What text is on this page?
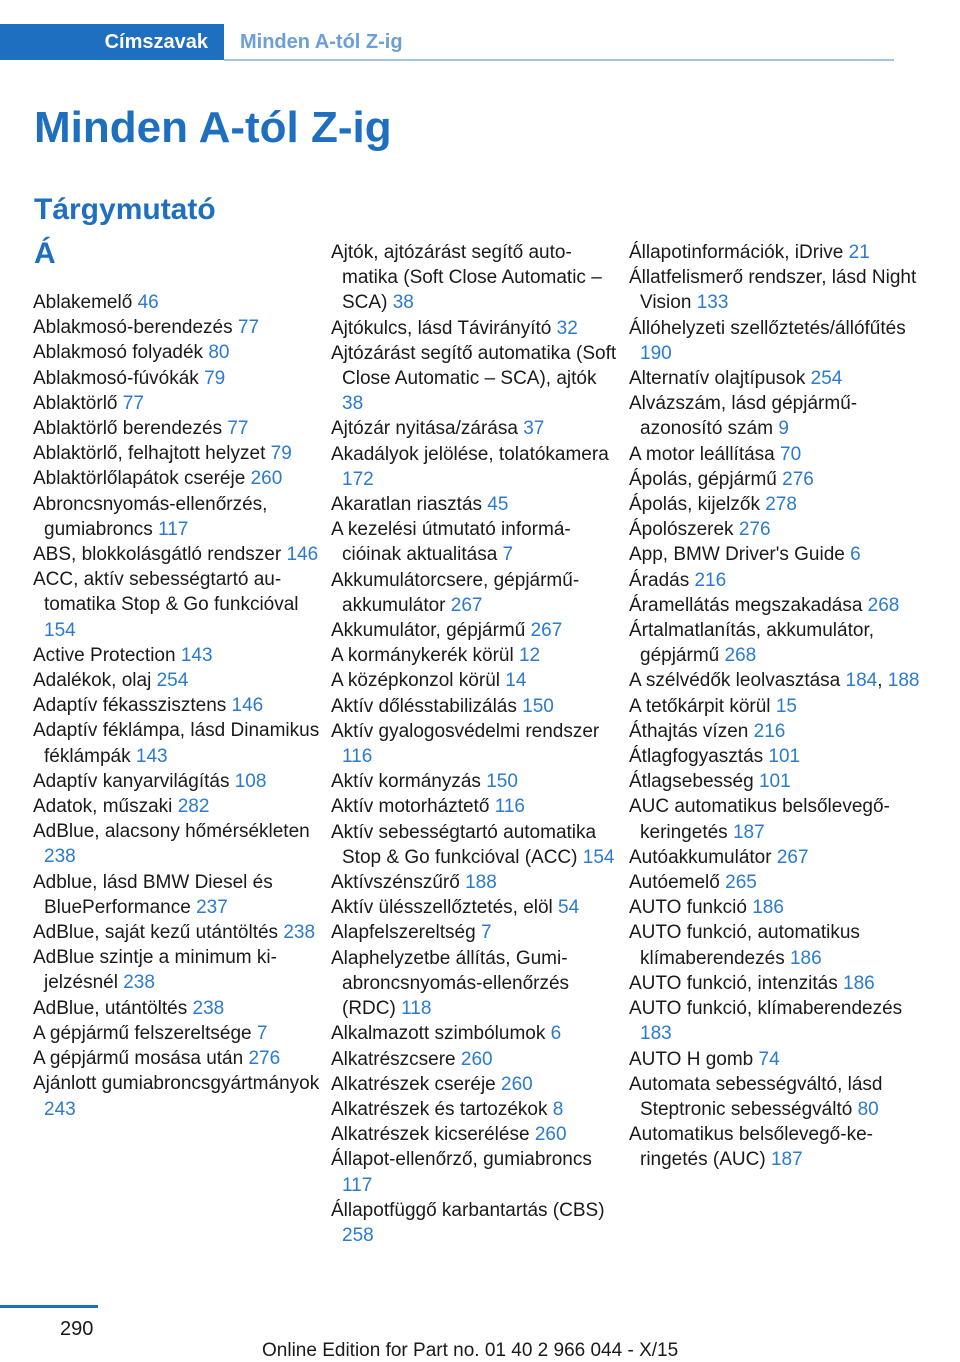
Címszavak	Minden A-tól Z-ig
Minden A-tól Z-ig
Tárgymutató
Á

Ablakemelő 46

Ablakmosó-berendezés 77

Ablakmosó folyadék 80

Ablakmosó-fúvókák 79

Ablaktörlő 77

Ablaktörlő berendezés 77

Ablaktörlő, felhajtott helyzet 79

Ablaktörlőlapátok cseréje 260

Abroncsnyomás-ellenőrzés, gumiabroncs 117

ABS, blokkolásgátló rendszer 146

ACC, aktív sebességtartó automatika Stop & Go funkcióval 154

Active Protection 143

Adalékok, olaj 254

Adaptív fékasszisztens 146

Adaptív féklámpa, lásd Dinamikus féklámpák 143

Adaptív kanyarvilágítás 108

Adatok, műszaki 282

AdBlue, alacsony hőmérsékleten 238

Adblue, lásd BMW Diesel és BluePerformance 237

AdBlue, saját kezű utántöltés 238

AdBlue szintje a minimum kijelzésnél 238

AdBlue, utántöltés 238

A gépjármű felszereltsége 7

A gépjármű mosása után 276

Ajánlott gumiabroncsgyártmányok 243

Ajtók, ajtózárást segítő automatika (Soft Close Automatic – SCA) 38

Ajtókulcs, lásd Távirányító 32

Ajtózárást segítő automatika (Soft Close Automatic – SCA), ajtók 38

Ajtózár nyitása/zárása 37

Akadályok jelölése, tolatókamera 172

Akaratlan riasztás 45

A kezelési útmutató információinak aktualitása 7

Akkumulátorcsere, gépjármű-akkumulátor 267

Akkumulátor, gépjármű 267

A kormánykerék körül 12

A középkonzol körül 14

Aktív dőlésstabilizálás 150

Aktív gyalogosvédelmi rendszer 116

Aktív kormányzás 150

Aktív motorháztető 116

Aktív sebességtartó automatika Stop & Go funkcióval (ACC) 154

Aktívszénszűrő 188

Aktív ülésszellőztetés, elöl 54

Alapfelszereltség 7

Alaphelyzetbe állítás, Gumiabroncsnyomás-ellenőrzés (RDC) 118

Alkalmazott szimbólumok 6

Alkatrészcsere 260

Alkatrészek cseréje 260

Alkatrészek és tartozékok 8

Alkatrészek kicserélése 260

Állapot-ellenőrző, gumiabroncs 117

Állapotfüggő karbantartás (CBS) 258

Állapotinformációk, iDrive 21

Állatfelismerő rendszer, lásd Night Vision 133

Állóhelyzeti szellőztetés/állófűtés 190

Alternatív olajtípusok 254

Alvázszám, lásd gépjármű-azonosító szám 9

A motor leállítása 70

Ápolás, gépjármű 276

Ápolás, kijelzők 278

Ápolószerek 276

App, BMW Driver's Guide 6

Áradás 216

Áramellátás megszakadása 268

Ártalmatlanítás, akkumulátor, gépjármű 268

A szélvédők leolvasztása 184, 188

A tetőkárpit körül 15

Áthajtás vízen 216

Átlagfogyasztás 101

Átlagsebesség 101

AUC automatikus belsőlevegő-keringetés 187

Autóakkumulátor 267

Autóemelő 265

AUTO funkció 186

AUTO funkció, automatikus klímaberendezés 186

AUTO funkció, intenzitás 186

AUTO funkció, klímaberendezés 183

AUTO H gomb 74

Automata sebességváltó, lásd Steptronic sebességváltó 80

Automatikus belsőlevegő-keringetés (AUC) 187

290
Online Edition for Part no. 01 40 2 966 044 - X/15
